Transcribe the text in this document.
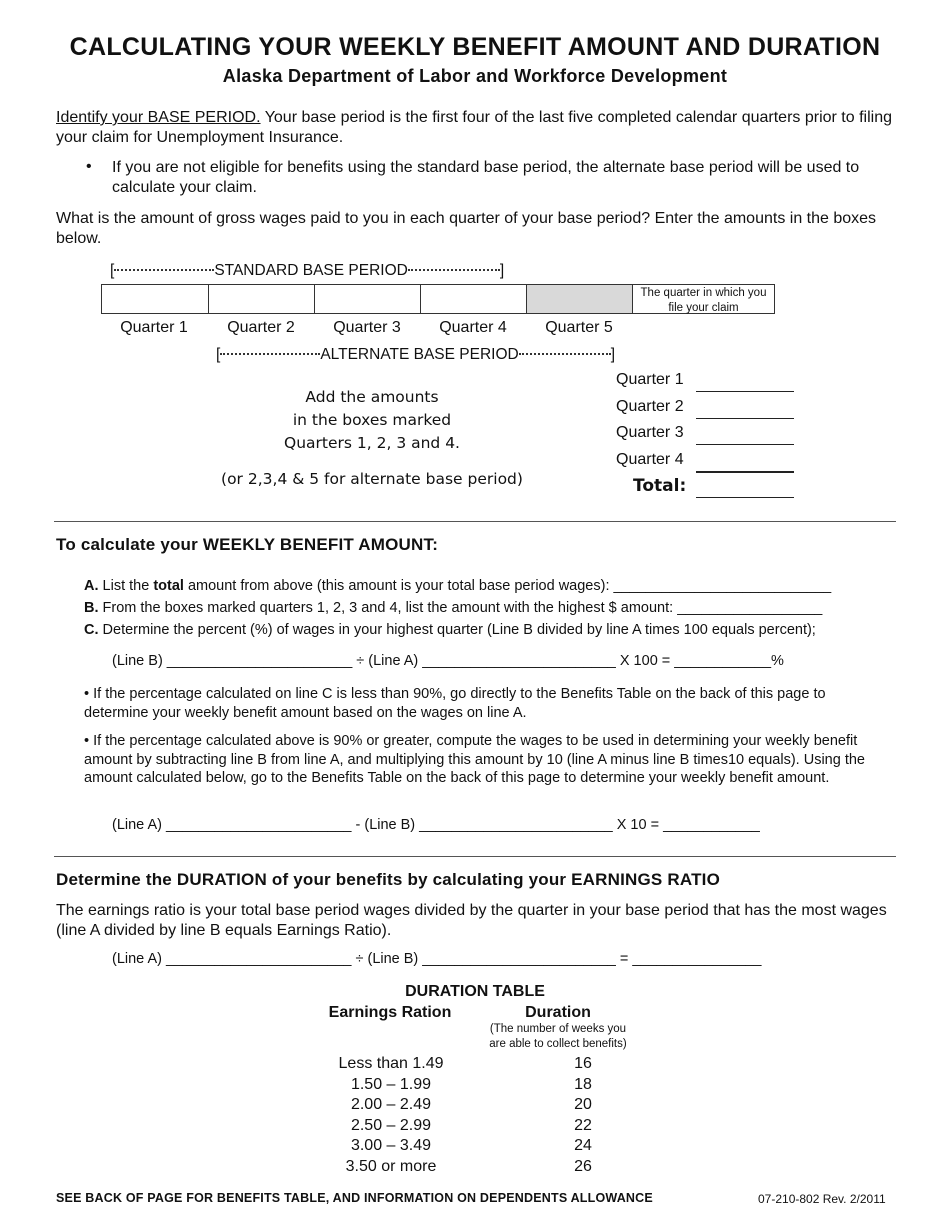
CALCULATING YOUR WEEKLY BENEFIT AMOUNT AND DURATION
Alaska Department of Labor and Workforce Development
Identify your BASE PERIOD. Your base period is the first four of the last five completed calendar quarters prior to filing your claim for Unemployment Insurance.
• If you are not eligible for benefits using the standard base period, the alternate base period will be used to calculate your claim.
What is the amount of gross wages paid to you in each quarter of your base period? Enter the amounts in the boxes below.
[	STANDARD BASE PERIOD	]
The quarter in which you file your claim
Quarter 1	Quarter 2	Quarter 3	Quarter 4	Quarter 5
[	ALTERNATE BASE PERIOD	]
Add the amounts
in the boxes marked
Quarters 1, 2, 3 and 4.
(or 2,3,4 & 5 for alternate base period)
Quarter 1
Quarter 2
Quarter 3
Quarter 4
Total:
To calculate your WEEKLY BENEFIT AMOUNT:
A. List the total amount from above (this amount is your total base period wages): ___________________________
B. From the boxes marked quarters 1, 2, 3 and 4, list the amount with the highest $ amount: __________________
C. Determine the percent (%) of wages in your highest quarter (Line B divided by line A times 100 equals percent);
(Line B) _______________________ ÷ (Line A) ________________________ X 100 = ____________%
• If the percentage calculated on line C is less than 90%, go directly to the Benefits Table on the back of this page to determine your weekly benefit amount based on the wages on line A.
• If the percentage calculated above is 90% or greater, compute the wages to be used in determining your weekly benefit amount by subtracting line B from line A, and multiplying this amount by 10 (line A minus line B times10 equals). Using the amount calculated below, go to the Benefits Table on the back of this page to determine your weekly benefit amount.
(Line A) _______________________ - (Line B) ________________________ X 10 = ____________
Determine the DURATION of your benefits by calculating your EARNINGS RATIO
The earnings ratio is your total base period wages divided by the quarter in your base period that has the most wages (line A divided by line B equals Earnings Ratio).
(Line A) _______________________ ÷ (Line B) ________________________ = ________________
DURATION TABLE
Earnings Ration	Duration
(The number of weeks you
are able to collect benefits)
Less than 1.49	16
1.50 – 1.99	18
2.00 – 2.49	20
2.50 – 2.99	22
3.00 – 3.49	24
3.50 or more	26
SEE BACK OF PAGE FOR BENEFITS TABLE, AND INFORMATION ON DEPENDENTS ALLOWANCE	07-210-802 Rev. 2/2011
